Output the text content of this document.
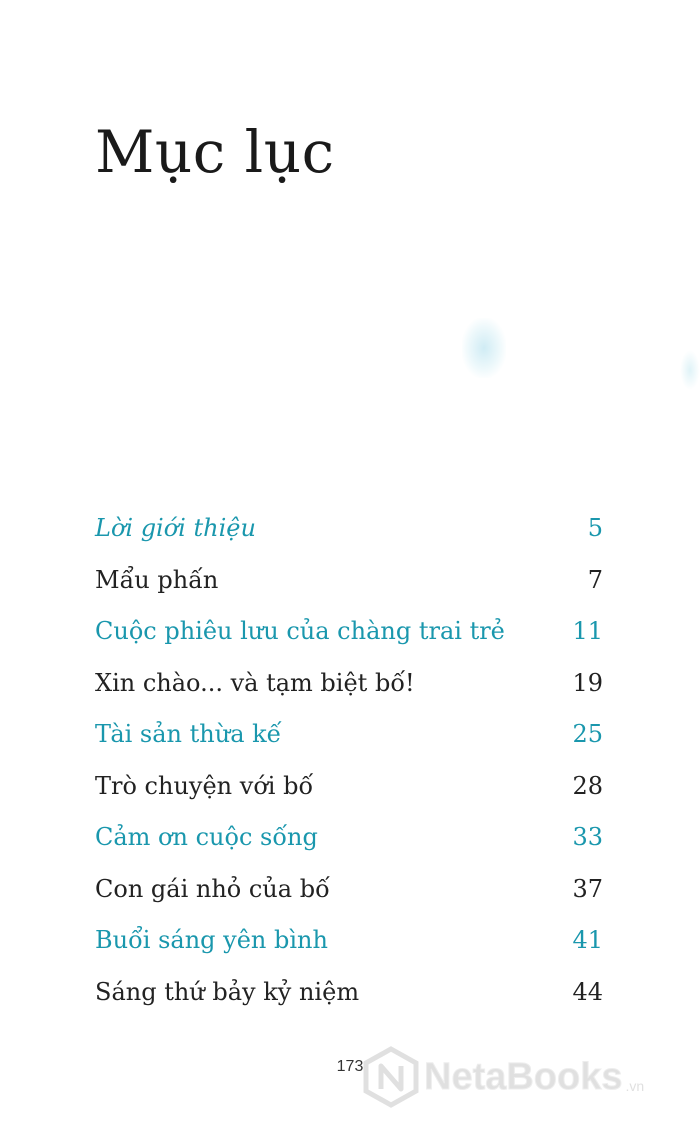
Mục lục
Lời giới thiệu	5
Mẩu phấn	7
Cuộc phiêu lưu của chàng trai trẻ	11
Xin chào... và tạm biệt bố!	19
Tài sản thừa kế	25
Trò chuyện với bố	28
Cảm ơn cuộc sống	33
Con gái nhỏ của bố	37
Buổi sáng yên bình	41
Sáng thứ bảy kỷ niệm	44
173	NetaBooks .vn
